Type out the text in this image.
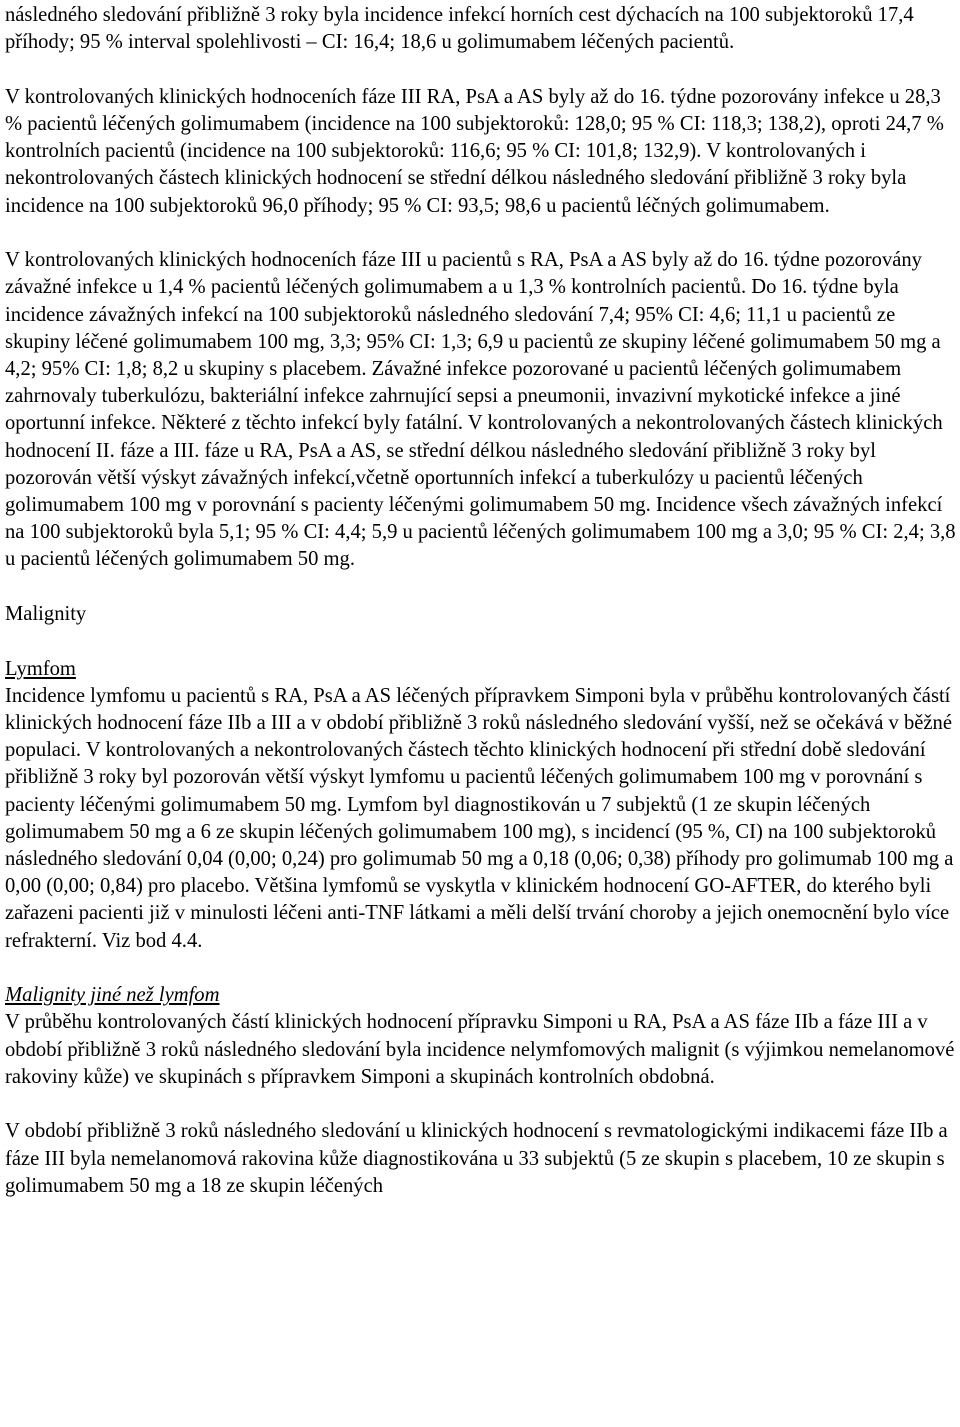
následného sledování přibližně 3 roky byla incidence infekcí horních cest dýchacích na 100 subjektoroků 17,4 příhody; 95 % interval spolehlivosti – CI: 16,4; 18,6 u golimumabem léčených pacientů.

V kontrolovaných klinických hodnoceních fáze III RA, PsA a AS byly až do 16. týdne pozorovány infekce u 28,3 % pacientů léčených golimumabem (incidence na 100 subjektoroků: 128,0; 95 % CI: 118,3; 138,2), oproti 24,7 % kontrolních pacientů (incidence na 100 subjektoroků: 116,6; 95 % CI: 101,8; 132,9). V kontrolovaných i nekontrolovaných částech klinických hodnocení se střední délkou následného sledování přibližně 3 roky byla incidence na 100 subjektoroků 96,0 příhody; 95 % CI: 93,5; 98,6 u pacientů léčných golimumabem.

V kontrolovaných klinických hodnoceních fáze III u pacientů s RA, PsA a AS byly až do 16. týdne pozorovány závažné infekce u 1,4 % pacientů léčených golimumabem a u 1,3 % kontrolních pacientů. Do 16. týdne byla incidence závažných infekcí na 100 subjektoroků následného sledování 7,4; 95% CI: 4,6; 11,1 u pacientů ze skupiny léčené golimumabem 100 mg, 3,3; 95% CI: 1,3; 6,9 u pacientů ze skupiny léčené golimumabem 50 mg a 4,2; 95% CI: 1,8; 8,2 u skupiny s placebem. Závažné infekce pozorované u pacientů léčených golimumabem zahrnovaly tuberkulózu, bakteriální infekce zahrnující sepsi a pneumonii, invazivní mykotické infekce a jiné oportunní infekce. Některé z těchto infekcí byly fatální. V kontrolovaných a nekontrolovaných částech klinických hodnocení II. fáze a III. fáze u RA, PsA a AS, se střední délkou následného sledování přibližně 3 roky byl pozorován větší výskyt závažných infekcí,včetně oportunních infekcí a tuberkulózy u pacientů léčených golimumabem 100 mg v porovnání s pacienty léčenými golimumabem 50 mg. Incidence všech závažných infekcí na 100 subjektoroků byla 5,1; 95 % CI: 4,4; 5,9 u pacientů léčených golimumabem 100 mg a 3,0; 95 % CI: 2,4; 3,8 u pacientů léčených golimumabem 50 mg.

Malignity

Lymfom

Incidence lymfomu u pacientů s RA, PsA a AS léčených přípravkem Simponi byla v průběhu kontrolovaných částí klinických hodnocení fáze IIb a III a v období přibližně 3 roků následného sledování vyšší, než se očekává v běžné populaci. V kontrolovaných a nekontrolovaných částech těchto klinických hodnocení při střední době sledování přibližně 3 roky byl pozorován větší výskyt lymfomu u pacientů léčených golimumabem 100 mg v porovnání s pacienty léčenými golimumabem 50 mg. Lymfom byl diagnostikován u 7 subjektů (1 ze skupin léčených golimumabem 50 mg a 6 ze skupin léčených golimumabem 100 mg), s incidencí (95 %, CI) na 100 subjektoroků následného sledování 0,04 (0,00; 0,24) pro golimumab 50 mg a 0,18 (0,06; 0,38) příhody pro golimumab 100 mg a 0,00 (0,00; 0,84) pro placebo. Většina lymfomů se vyskytla v klinickém hodnocení GO-AFTER, do kterého byli zařazeni pacienti již v minulosti léčeni anti-TNF látkami a měli delší trvání choroby a jejich onemocnění bylo více refrakterní. Viz bod 4.4.

Malignity jiné než lymfom

V průběhu kontrolovaných částí klinických hodnocení přípravku Simponi u RA, PsA a AS fáze IIb a fáze III a v období přibližně 3 roků následného sledování byla incidence nelymfomových malignit (s výjimkou nemelanomové rakoviny kůže) ve skupinách s přípravkem Simponi a skupinách kontrolních obdobná.

V období přibližně 3 roků následného sledování u klinických hodnocení s revmatologickými indikacemi fáze IIb a fáze III byla nemelanomová rakovina kůže diagnostikována u 33 subjektů (5 ze skupin s placebem, 10 ze skupin s golimumabem 50 mg a 18 ze skupin léčených
